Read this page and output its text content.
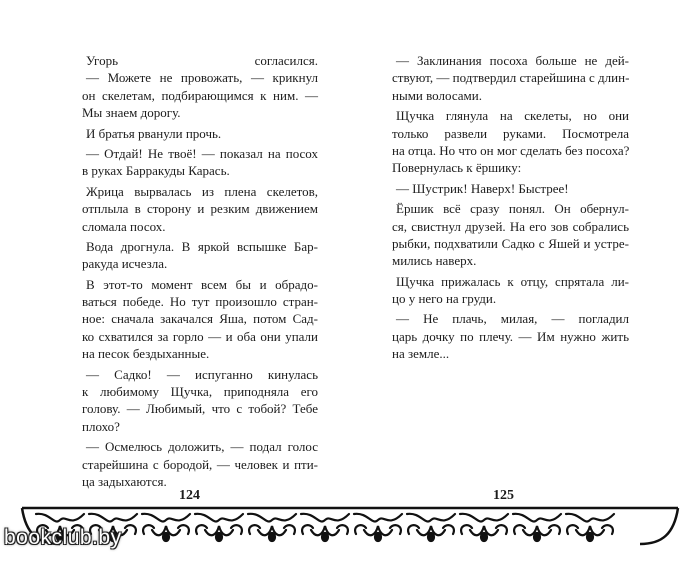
Угорь согласился.
— Можете не провожать, — крикнул
он скелетам, подбирающимся к ним. —
Мы знаем дорогу.
И братья рванули прочь.
— Отдай! Не твоё! — показал на посох
в руках Барракуды Карась.
Жрица вырвалась из плена скелетов,
отплыла в сторону и резким движением
сломала посох.
Вода дрогнула. В яркой вспышке Бар-
ракуда исчезла.
В этот-то момент всем бы и обрадо-
ваться победе. Но тут произошло стран-
ное: сначала закачался Яша, потом Сад-
ко схватился за горло — и оба они упали
на песок бездыханные.
— Садко! — испуганно кинулась
к любимому Щучка, приподняла его
голову. — Любимый, что с тобой? Тебе
плохо?
— Осмелюсь доложить, — подал голос
старейшина с бородой, — человек и пти-
ца задыхаются.
— Заклинания посоха больше не дей-
ствуют, — подтвердил старейшина с длин-
ными волосами.
Щучка глянула на скелеты, но они
только развели руками. Посмотрела
на отца. Но что он мог сделать без посоха?
Повернулась к ёршику:
— Шустрик! Наверх! Быстрее!
Ёршик всё сразу понял. Он обернул-
ся, свистнул друзей. На его зов собрались
рыбки, подхватили Садко с Яшей и устре-
мились наверх.
Щучка прижалась к отцу, спрятала ли-
цо у него на груди.
— Не плачь, милая, — погладил
царь дочку по плечу. — Им нужно жить
на земле...
124	125
bookclub.by
